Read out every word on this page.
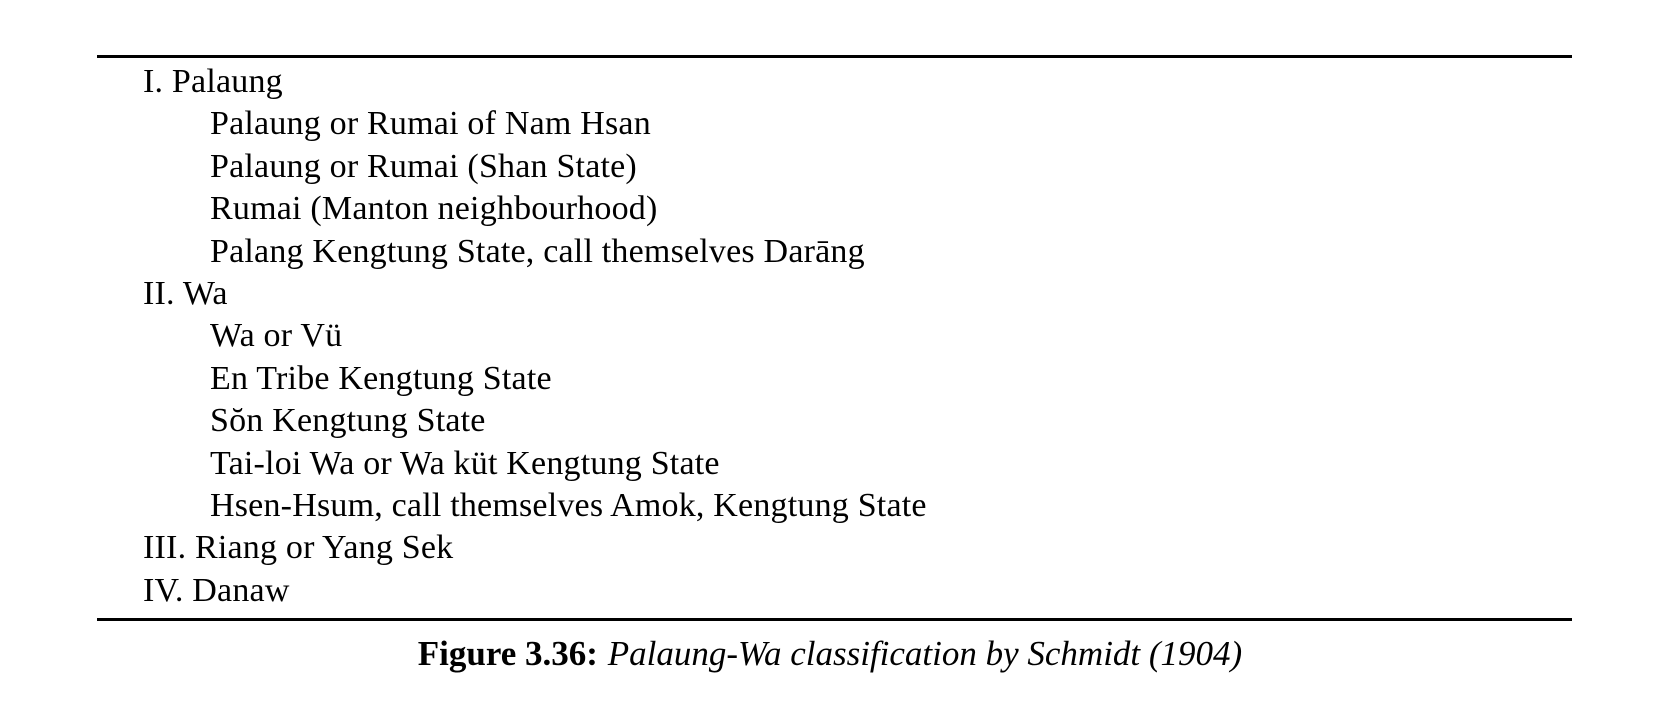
I. Palaung
Palaung or Rumai of Nam Hsan
Palaung or Rumai (Shan State)
Rumai (Manton neighbourhood)
Palang Kengtung State, call themselves Darāng
II. Wa
Wa or Vü
En Tribe Kengtung State
Sŏn Kengtung State
Tai-loi Wa or Wa küt Kengtung State
Hsen-Hsum, call themselves Amok, Kengtung State
III. Riang or Yang Sek
IV. Danaw
Figure 3.36: Palaung-Wa classification by Schmidt (1904)
